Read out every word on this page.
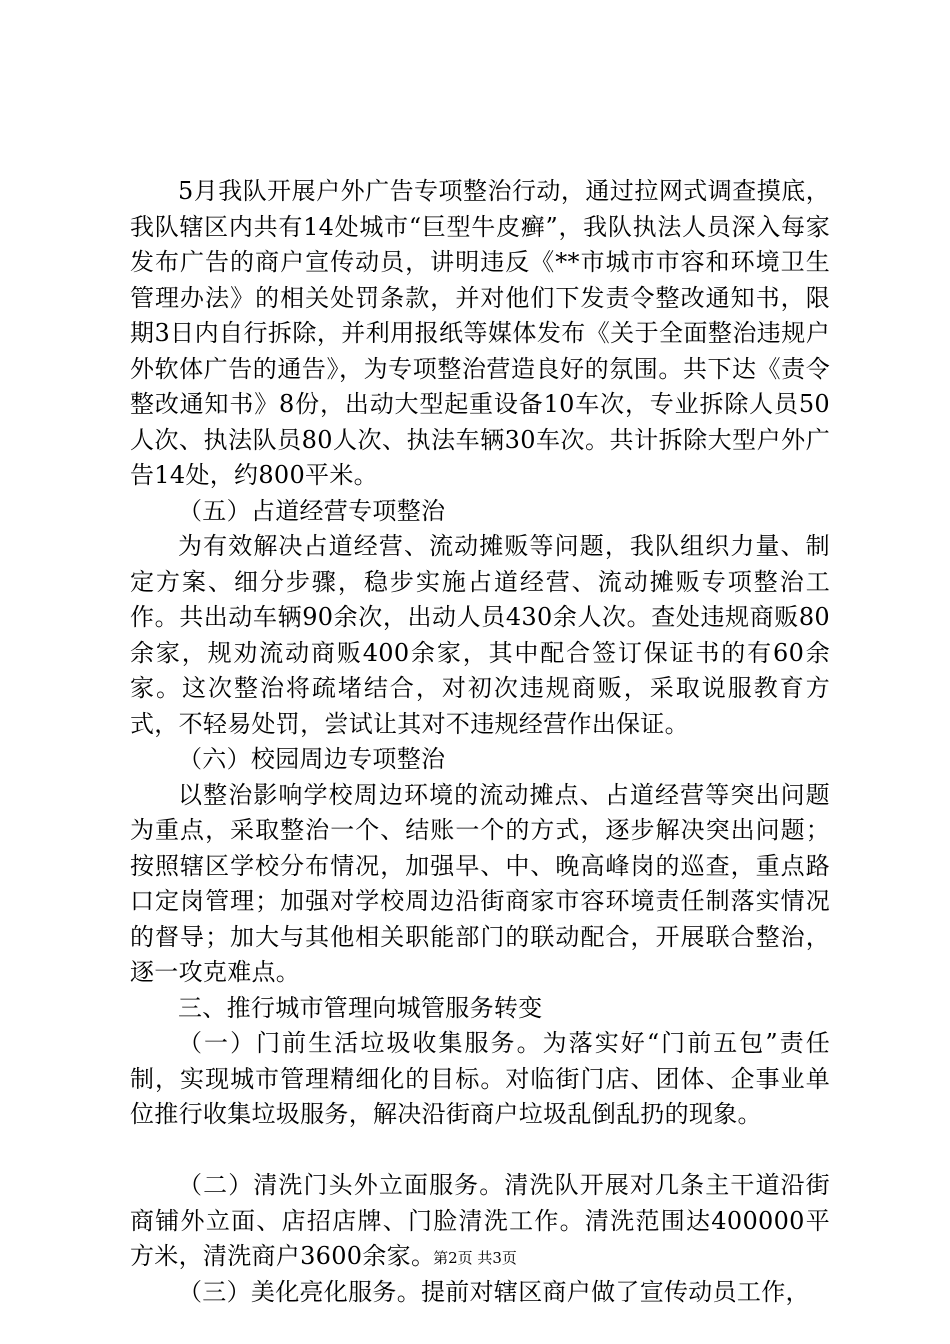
5月我队开展户外广告专项整治行动，通过拉网式调查摸底，我队辖区内共有14处城市“巨型牛皮癣”，我队执法人员深入每家发布广告的商户宣传动员，讲明违反《**市城市市容和环境卫生管理办法》的相关处罚条款，并对他们下发责令整改通知书，限期3日内自行拆除，并利用报纸等媒体发布《关于全面整治违规户外软体广告的通告》，为专项整治营造良好的氛围。共下达《责令整改通知书》8份，出动大型起重设备10车次，专业拆除人员50人次、执法队员80人次、执法车辆30车次。共计拆除大型户外广告14处，约800平米。

（五）占道经营专项整治

为有效解决占道经营、流动摊贩等问题，我队组织力量、制定方案、细分步骤，稳步实施占道经营、流动摊贩专项整治工作。共出动车辆90余次，出动人员430余人次。查处违规商贩80余家，规劝流动商贩400余家，其中配合签订保证书的有60余家。这次整治将疏堵结合，对初次违规商贩，采取说服教育方式，不轻易处罚，尝试让其对不违规经营作出保证。

（六）校园周边专项整治

以整治影响学校周边环境的流动摊点、占道经营等突出问题为重点，采取整治一个、结账一个的方式，逐步解决突出问题；按照辖区学校分布情况，加强早、中、晚高峰岗的巡查，重点路口定岗管理；加强对学校周边沿街商家市容环境责任制落实情况的督导；加大与其他相关职能部门的联动配合，开展联合整治，逐一攻克难点。

三、推行城市管理向城管服务转变

（一）门前生活垃圾收集服务。为落实好“门前五包”责任制，实现城市管理精细化的目标。对临街门店、团体、企事业单位推行收集垃圾服务，解决沿街商户垃圾乱倒乱扔的现象。

（二）清洗门头外立面服务。清洗队开展对几条主干道沿街商铺外立面、店招店牌、门脸清洗工作。清洗范围达400000平方米，清洗商户3600余家。

（三）美化亮化服务。提前对辖区商户做了宣传动员工作，

第2页 共3页
